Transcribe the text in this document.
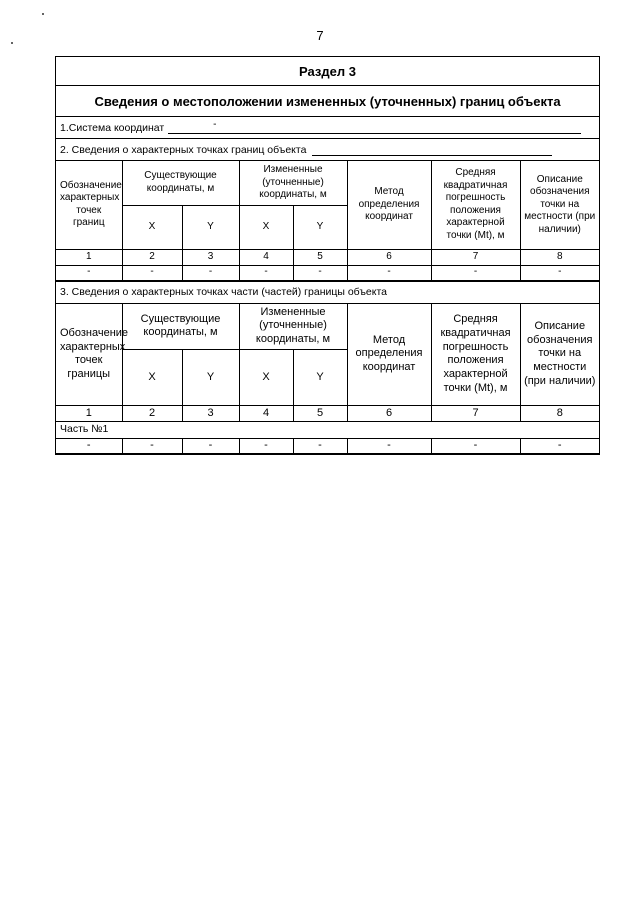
7
Раздел 3
Сведения о местоположении измененных (уточненных) границ объекта
1.Система координат	-
2. Сведения о характерных точках границ объекта
Обозначение характерных точек границ	Существующие координаты, м		Измененные (уточненные) координаты, м		Метод определения координат	Средняя квадратичная погрешность положения характерной точки (Мt), м	Описание обозначения точки на местности (при наличии)
	X	Y	X	Y			
1	2	3	4	5	6	7	8
-	-	-	-	-	-	-	-
3. Сведения о характерных точках части (частей) границы объекта
Обозначение характерных точек границы	Существующие координаты, м		Измененные (уточненные) координаты, м		Метод определения координат	Средняя квадратичная погрешность положения характерной точки (Мt), м	Описание обозначения точки на местности (при наличии)
	X	Y	X	Y			
1	2	3	4	5	6	7	8
Часть №1							
-	-	-	-	-	-	-	-
